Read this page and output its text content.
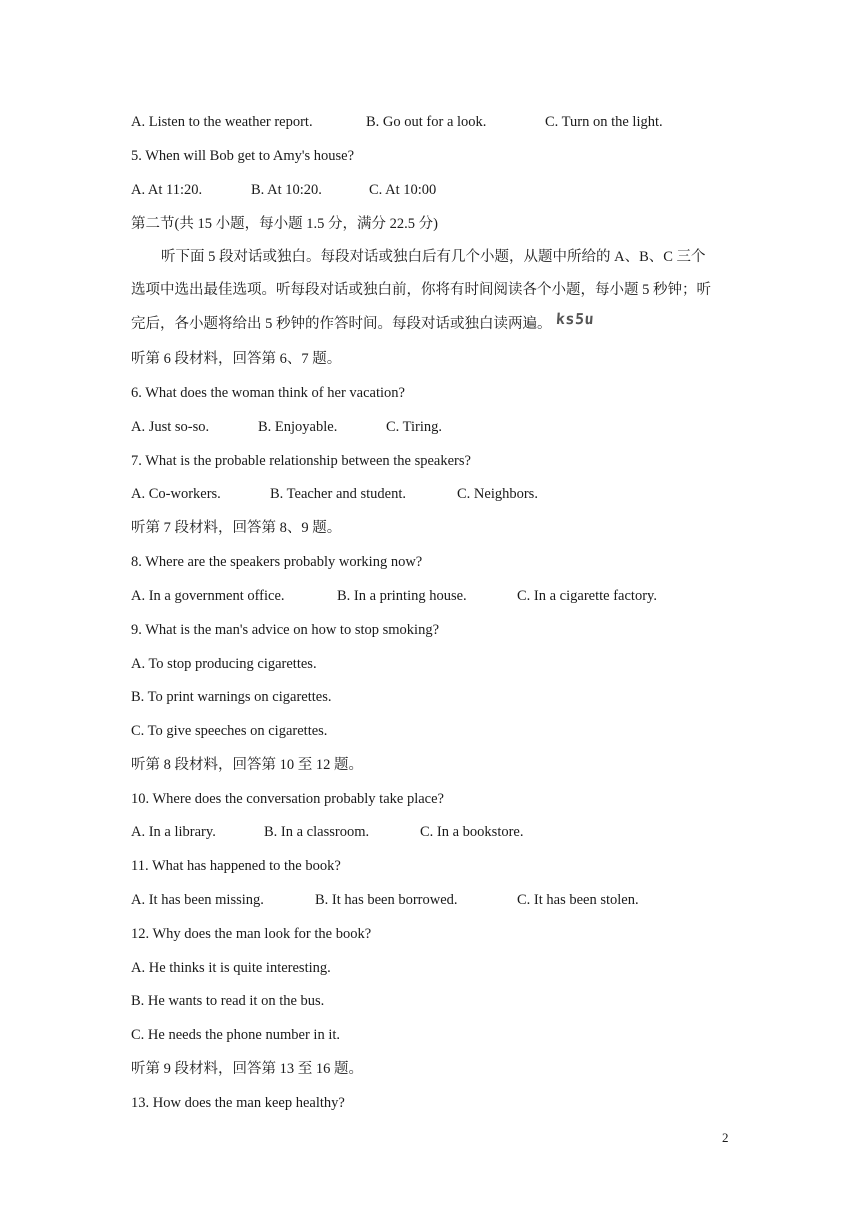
A. Listen to the weather report.	B. Go out for a look.	C. Turn on the light.
5. When will Bob get to Amy's house?
A. At 11:20.	B. At 10:20.	C. At 10:00
第二节(共 15 小题，每小题 1.5 分，满分 22.5 分)
听下面 5 段对话或独白。每段对话或独白后有几个小题，从题中所给的 A、B、C 三个
选项中选出最佳选项。听每段对话或独白前，你将有时间阅读各个小题，每小题 5 秒钟；听
完后，各小题将给出 5 秒钟的作答时间。每段对话或独白读两遍。 ks5u
听第 6 段材料，回答第 6、7 题。
6. What does the woman think of her vacation?
A. Just so-so.	B. Enjoyable.	C. Tiring.
7. What is the probable relationship between the speakers?
A. Co-workers.	B. Teacher and student.	C. Neighbors.
听第 7 段材料，回答第 8、9 题。
8. Where are the speakers probably working now?
A. In a government office.	B. In a printing house.	C. In a cigarette factory.
9. What is the man's advice on how to stop smoking?
A. To stop producing cigarettes.
B. To print warnings on cigarettes.
C. To give speeches on cigarettes.
听第 8 段材料，回答第 10 至 12 题。
10. Where does the conversation probably take place?
A. In a library.	B. In a classroom.	C. In a bookstore.
11. What has happened to the book?
A. It has been missing.	B. It has been borrowed.	C. It has been stolen.
12. Why does the man look for the book?
A. He thinks it is quite interesting.
B. He wants to read it on the bus.
C. He needs the phone number in it.
听第 9 段材料，回答第 13 至 16 题。
13. How does the man keep healthy?
2
